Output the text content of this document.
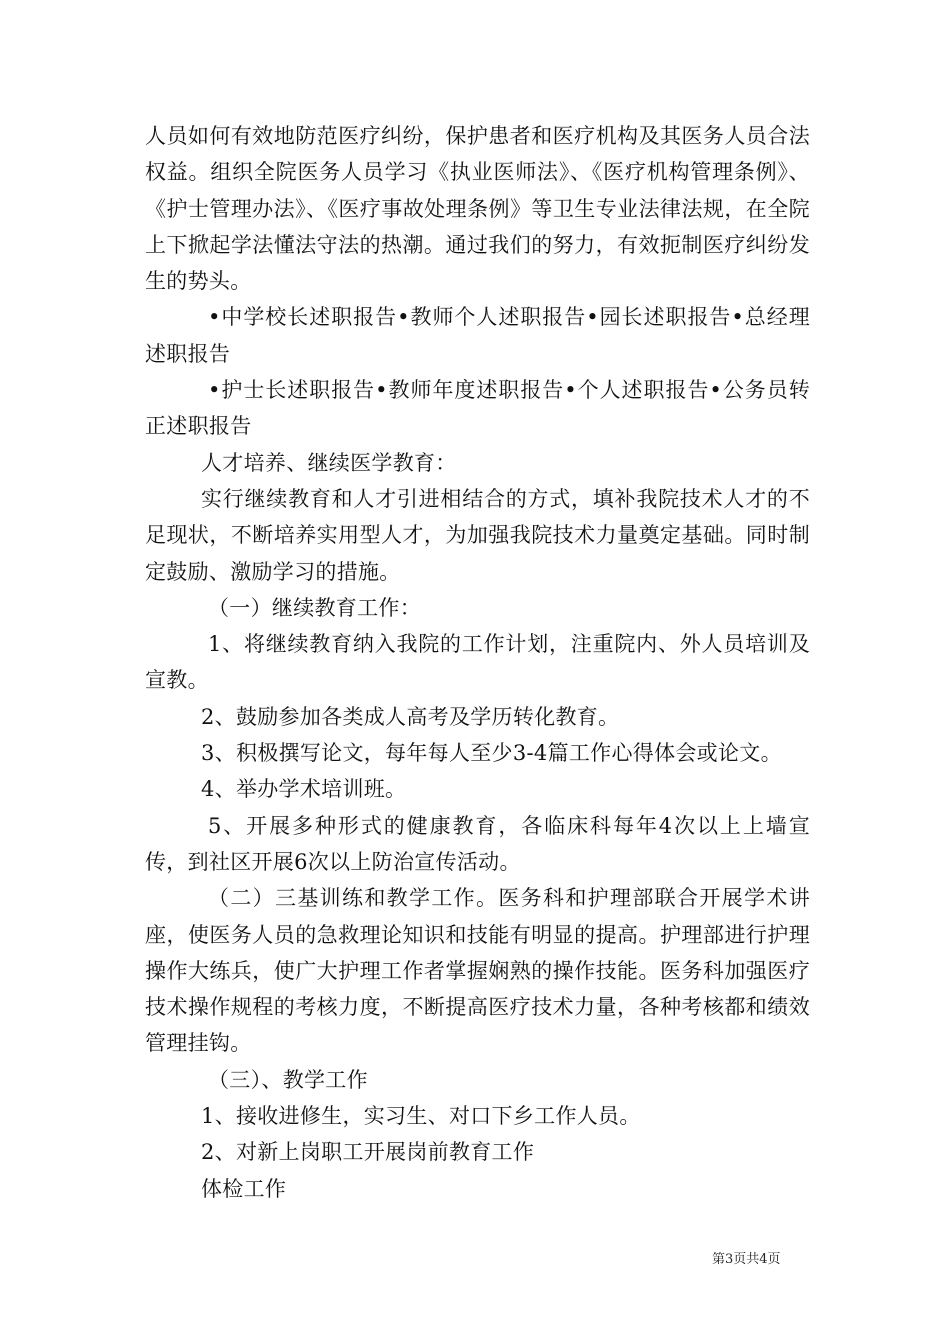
人员如何有效地防范医疗纠纷，保护患者和医疗机构及其医务人员合法权益。组织全院医务人员学习《执业医师法》、《医疗机构管理条例》、《护士管理办法》、《医疗事故处理条例》等卫生专业法律法规，在全院上下掀起学法懂法守法的热潮。通过我们的努力，有效扼制医疗纠纷发生的势头。

•中学校长述职报告•教师个人述职报告•园长述职报告•总经理述职报告

•护士长述职报告•教师年度述职报告•个人述职报告•公务员转正述职报告

人才培养、继续医学教育：

实行继续教育和人才引进相结合的方式，填补我院技术人才的不足现状，不断培养实用型人才，为加强我院技术力量奠定基础。同时制定鼓励、激励学习的措施。

（一）继续教育工作：

1、将继续教育纳入我院的工作计划，注重院内、外人员培训及宣教。

2、鼓励参加各类成人高考及学历转化教育。

3、积极撰写论文，每年每人至少3-4篇工作心得体会或论文。

4、举办学术培训班。

5、开展多种形式的健康教育，各临床科每年4次以上上墙宣传，到社区开展6次以上防治宣传活动。

（二）三基训练和教学工作。医务科和护理部联合开展学术讲座，使医务人员的急救理论知识和技能有明显的提高。护理部进行护理操作大练兵，使广大护理工作者掌握娴熟的操作技能。医务科加强医疗技术操作规程的考核力度，不断提高医疗技术力量，各种考核都和绩效管理挂钩。

（三）、教学工作

1、接收进修生，实习生、对口下乡工作人员。

2、对新上岗职工开展岗前教育工作

体检工作

第3页共4页
